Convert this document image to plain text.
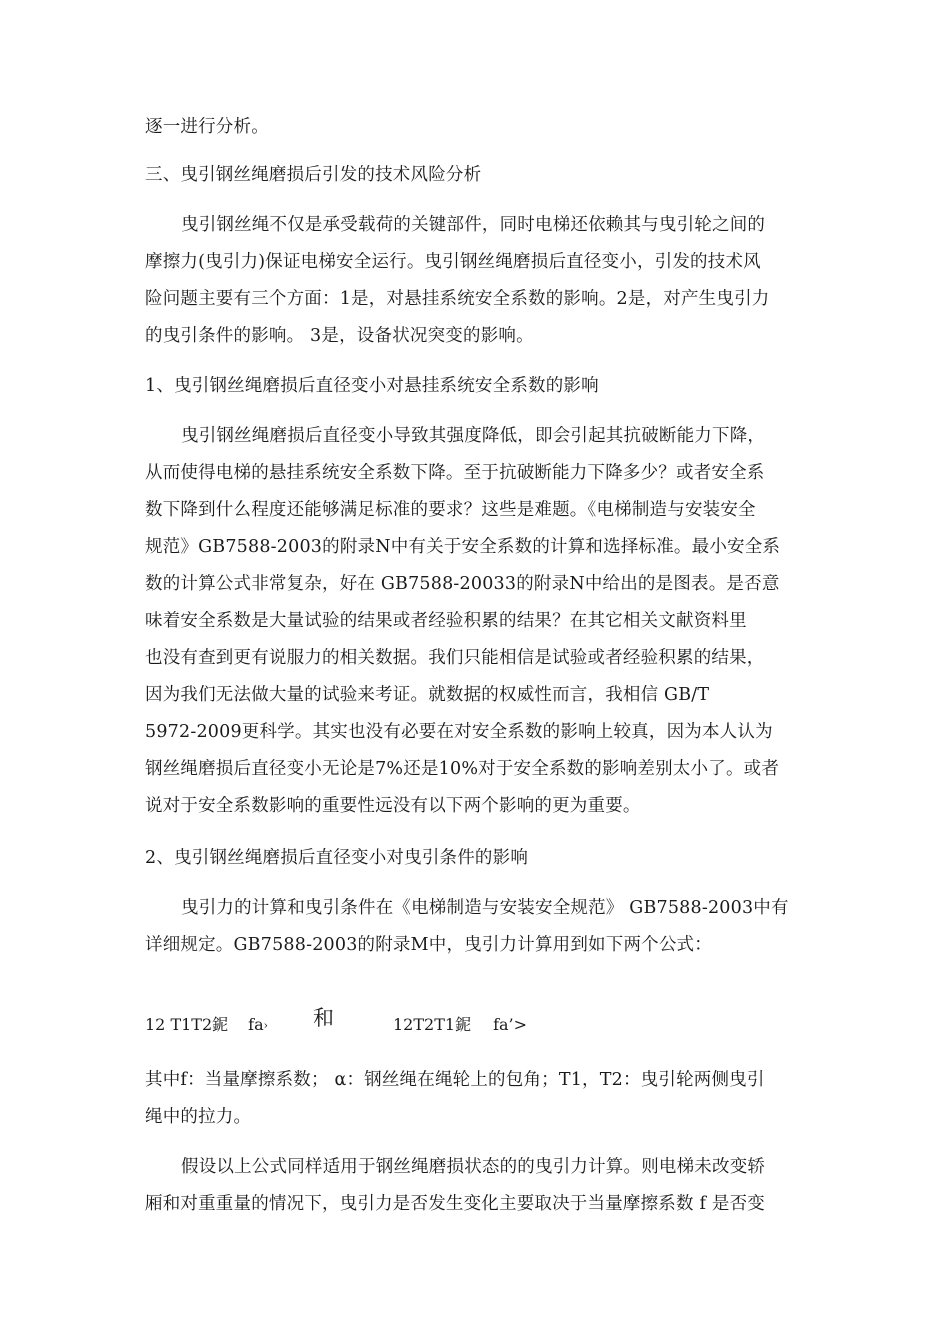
逐一进行分析。
三、曳引钢丝绳磨损后引发的技术风险分析
曳引钢丝绳不仅是承受载荷的关键部件，同时电梯还依赖其与曳引轮之间的
摩擦力(曳引力)保证电梯安全运行。曳引钢丝绳磨损后直径变小，引发的技术风
险问题主要有三个方面：1是，对悬挂系统安全系数的影响。2是，对产生曳引力
的曳引条件的影响。 3是，设备状况突变的影响。
1、曳引钢丝绳磨损后直径变小对悬挂系统安全系数的影响
曳引钢丝绳磨损后直径变小导致其强度降低，即会引起其抗破断能力下降，
从而使得电梯的悬挂系统安全系数下降。至于抗破断能力下降多少？或者安全系
数下降到什么程度还能够满足标准的要求？这些是难题。《电梯制造与安装安全
规范》GB7588-2003的附录N中有关于安全系数的计算和选择标准。最小安全系
数的计算公式非常复杂，好在 GB7588-20033的附录N中给出的是图表。是否意
味着安全系数是大量试验的结果或者经验积累的结果？在其它相关文献资料里
也没有查到更有说服力的相关数据。我们只能相信是试验或者经验积累的结果，
因为我们无法做大量的试验来考证。就数据的权威性而言，我相信 GB/T
5972-2009更科学。其实也没有必要在对安全系数的影响上较真，因为本人认为
钢丝绳磨损后直径变小无论是7%还是10%对于安全系数的影响差别太小了。或者
说对于安全系数影响的重要性远没有以下两个影响的更为重要。
2、曳引钢丝绳磨损后直径变小对曳引条件的影响
曳引力的计算和曳引条件在《电梯制造与安装安全规范》 GB7588-2003中有
详细规定。GB7588-2003的附录M中，曳引力计算用到如下两个公式：
12 T1T2鈮 fa› 和	12T2T1鈮 fa’>
其中f：当量摩擦系数； α：钢丝绳在绳轮上的包角；T1，T2：曳引轮两侧曳引
绳中的拉力。
假设以上公式同样适用于钢丝绳磨损状态的的曳引力计算。则电梯未改变轿
厢和对重重量的情况下，曳引力是否发生变化主要取决于当量摩擦系数 f 是否变
